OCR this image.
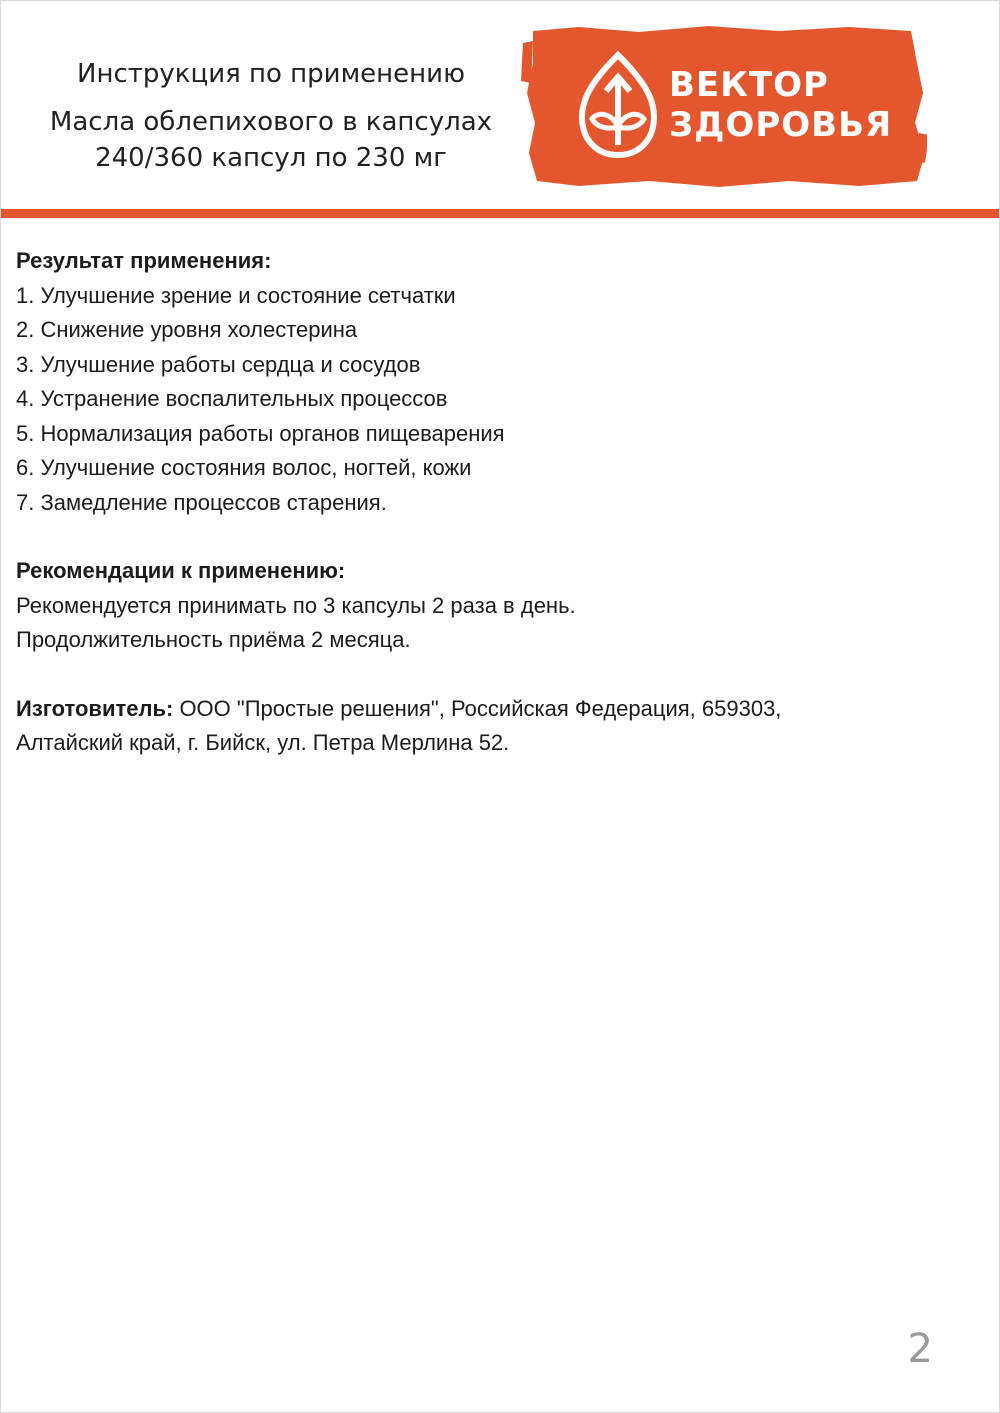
Инструкция по применению
Масла облепихового в капсулах
240/360 капсул по 230 мг
ВЕКТОР
ЗДОРОВЬЯ

Результат применения:

1. Улучшение зрение и состояние сетчатки

2. Снижение уровня холестерина

3. Улучшение работы сердца и сосудов

4. Устранение воспалительных процессов

5. Нормализация работы органов пищеварения

6. Улучшение состояния волос, ногтей, кожи

7. Замедление процессов старения.

Рекомендации к применению:

Рекомендуется принимать по 3 капсулы 2 раза в день.

Продолжительность приёма 2 месяца.

Изготовитель: ООО "Простые решения", Российская Федерация, 659303,

Алтайский край, г. Бийск, ул. Петра Мерлина 52.

2
